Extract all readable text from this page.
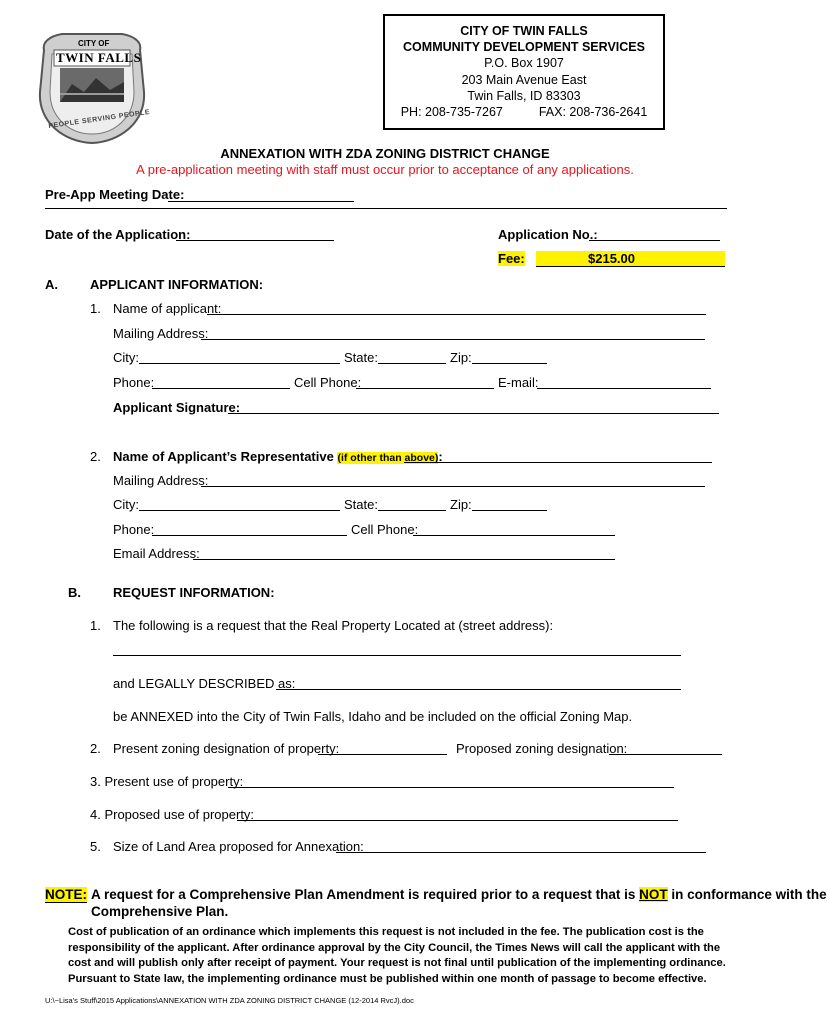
CITY OF
TWIN FALLS
PEOPLE SERVING PEOPLE
CITY OF TWIN FALLS
COMMUNITY DEVELOPMENT SERVICES
P.O. Box 1907
203 Main Avenue East
Twin Falls, ID 83303
PH: 208-735-7267	FAX: 208-736-2641
ANNEXATION WITH ZDA ZONING DISTRICT CHANGE
A pre-application meeting with staff must occur prior to acceptance of any applications.
Pre-App Meeting Date:
Date of the Application:	Application No.:
Fee:	$215.00
A. APPLICANT INFORMATION:
1. Name of applicant:
Mailing Address:
City:	State:	Zip:
Phone:	Cell Phone:	E-mail:
Applicant Signature:
2. Name of Applicant’s Representative (if other than above):
Mailing Address:
City:	State:	Zip:
Phone:	Cell Phone:
Email Address:
B. REQUEST INFORMATION:
1. The following is a request that the Real Property Located at (street address):
and LEGALLY DESCRIBED as:
be ANNEXED into the City of Twin Falls, Idaho and be included on the official Zoning Map.
2. Present zoning designation of property:	Proposed zoning designation:
3. Present use of property:
4. Proposed use of property:
5. Size of Land Area proposed for Annexation:
NOTE: A request for a Comprehensive Plan Amendment is required prior to a request that is NOT in conformance with the
Comprehensive Plan.
Cost of publication of an ordinance which implements this request is not included in the fee. The publication cost is the responsibility of the applicant. After ordinance approval by the City Council, the Times News will call the applicant with the cost and will publish only after receipt of payment. Your request is not final until publication of the implementing ordinance. Pursuant to State law, the implementing ordinance must be published within one month of passage to become effective.
U:\~Lisa's Stuff\2015 Applications\ANNEXATION WITH ZDA ZONING DISTRICT CHANGE (12-2014 RvcJ).doc
